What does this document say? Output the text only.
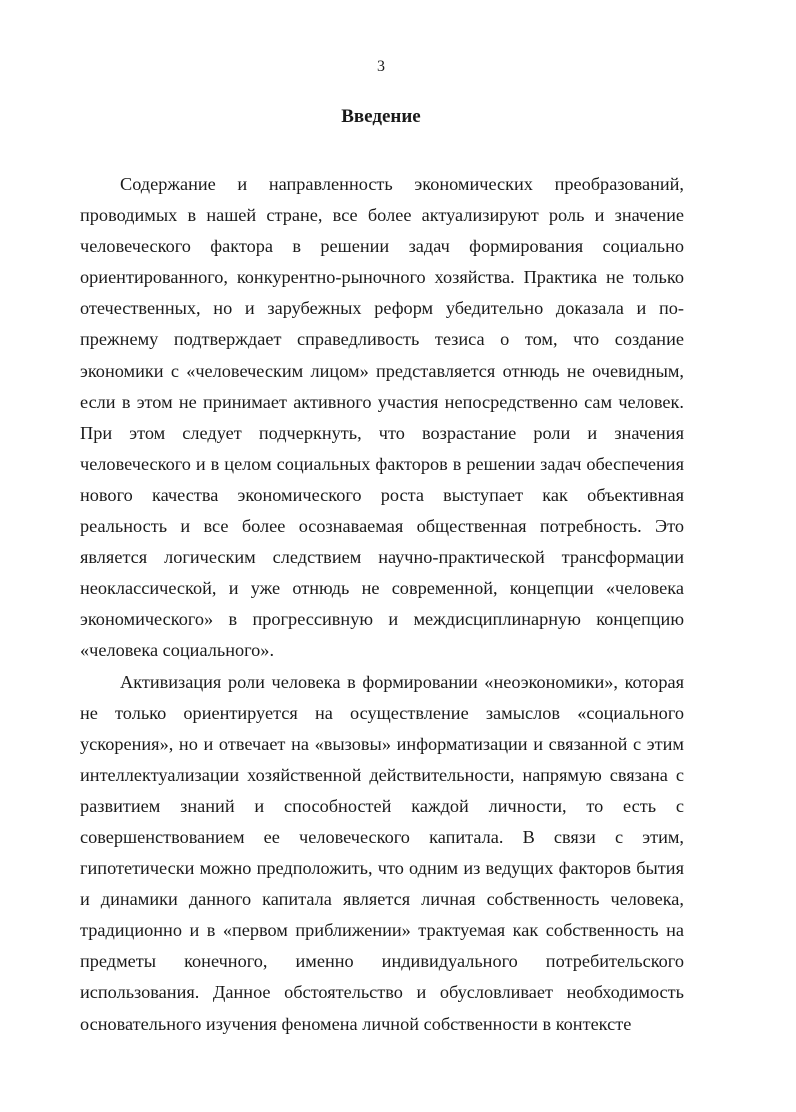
3
Введение

Содержание и направленность экономических преобразований, проводимых в нашей стране, все более актуализируют роль и значение человеческого фактора в решении задач формирования социально ориентированного, конкурентно-рыночного хозяйства. Практика не только отечественных, но и зарубежных реформ убедительно доказала и по-прежнему подтверждает справедливость тезиса о том, что создание экономики с «человеческим лицом» представляется отнюдь не очевидным, если в этом не принимает активного участия непосредственно сам человек. При этом следует подчеркнуть, что возрастание роли и значения человеческого и в целом социальных факторов в решении задач обеспечения нового качества экономического роста выступает как объективная реальность и все более осознаваемая общественная потребность. Это является логическим следствием научно-практической трансформации неоклассической, и уже отнюдь не современной, концепции «человека экономического» в прогрессивную и междисциплинарную концепцию «человека социального».

Активизация роли человека в формировании «неоэкономики», которая не только ориентируется на осуществление замыслов «социального ускорения», но и отвечает на «вызовы» информатизации и связанной с этим интеллектуализации хозяйственной действительности, напрямую связана с развитием знаний и способностей каждой личности, то есть с совершенствованием ее человеческого капитала. В связи с этим, гипотетически можно предположить, что одним из ведущих факторов бытия и динамики данного капитала является личная собственность человека, традиционно и в «первом приближении» трактуемая как собственность на предметы конечного, именно индивидуального потребительского использования. Данное обстоятельство и обусловливает необходимость основательного изучения феномена личной собственности в контексте
